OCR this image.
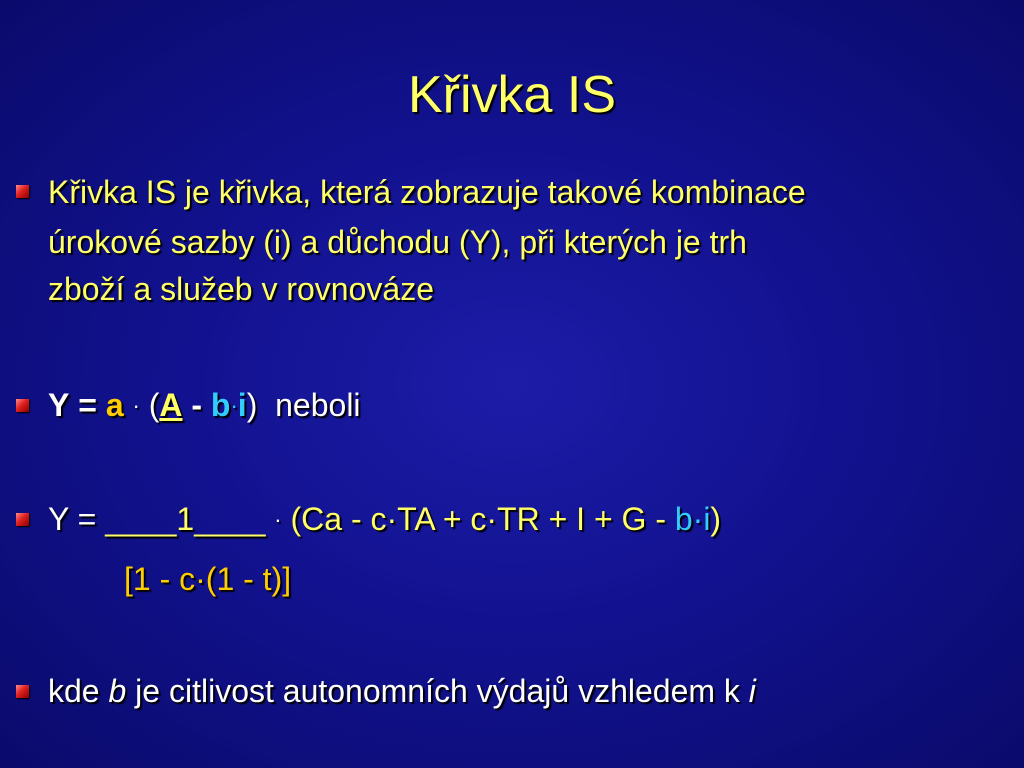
Křivka IS
Křivka IS je křivka, která zobrazuje takové kombinace
úrokové sazby (i) a důchodu (Y), při kterých je trh
zboží a služeb v rovnováze
Y = a · (A - b·i) neboli
Y = ____1____ · (Ca - c·TA + c·TR + I + G - b·i)
[1 - c·(1 - t)]
kde b je citlivost autonomních výdajů vzhledem k i
